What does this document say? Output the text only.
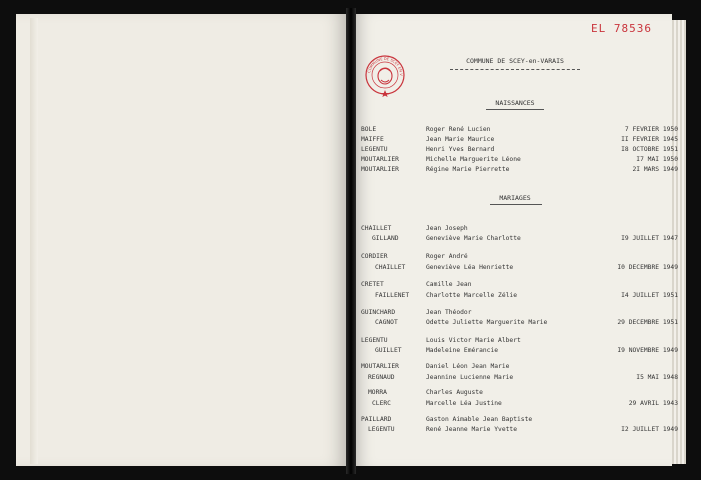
EL 78536
COMMUNE DE SCEY EN V
COMMUNE DE SCEY-en-VARAIS
NAISSANCES
BOLE	Roger René Lucien	7 FEVRIER 1950
MAIFFE	Jean Marie Maurice	II FEVRIER 1945
LEGENTU	Henri Yves Bernard	I8 OCTOBRE 1951
MOUTARLIER	Michelle Marguerite Léone	I7 MAI 1950
MOUTARLIER	Régine Marie Pierrette	2I MARS 1949
MARIAGES
CHAILLET	Jean Joseph
GILLAND	Geneviève Marie Charlotte	I9 JUILLET 1947
CORDIER	Roger André
CHAILLET	Geneviève Léa Henriette	I0 DECEMBRE 1949
CRETET	Camille Jean
FAILLENET	Charlotte Marcelle Zélie	I4 JUILLET 1951
GUINCHARD	Jean Théodor
CAGNOT	Odette Juliette Marguerite Marie	29 DECEMBRE 1951
LEGENTU	Louis Victor Marie Albert
GUILLET	Madeleine Emérancie	I9 NOVEMBRE 1949
MOUTARLIER	Daniel Léon Jean Marie
REGNAUD	Jeannine Lucienne Marie	I5 MAI 1948
MORRA	Charles Auguste
CLERC	Marcelle Léa Justine	29 AVRIL 1943
PAILLARD	Gaston Aimable Jean Baptiste
LEGENTU	René Jeanne Marie Yvette	I2 JUILLET 1949
